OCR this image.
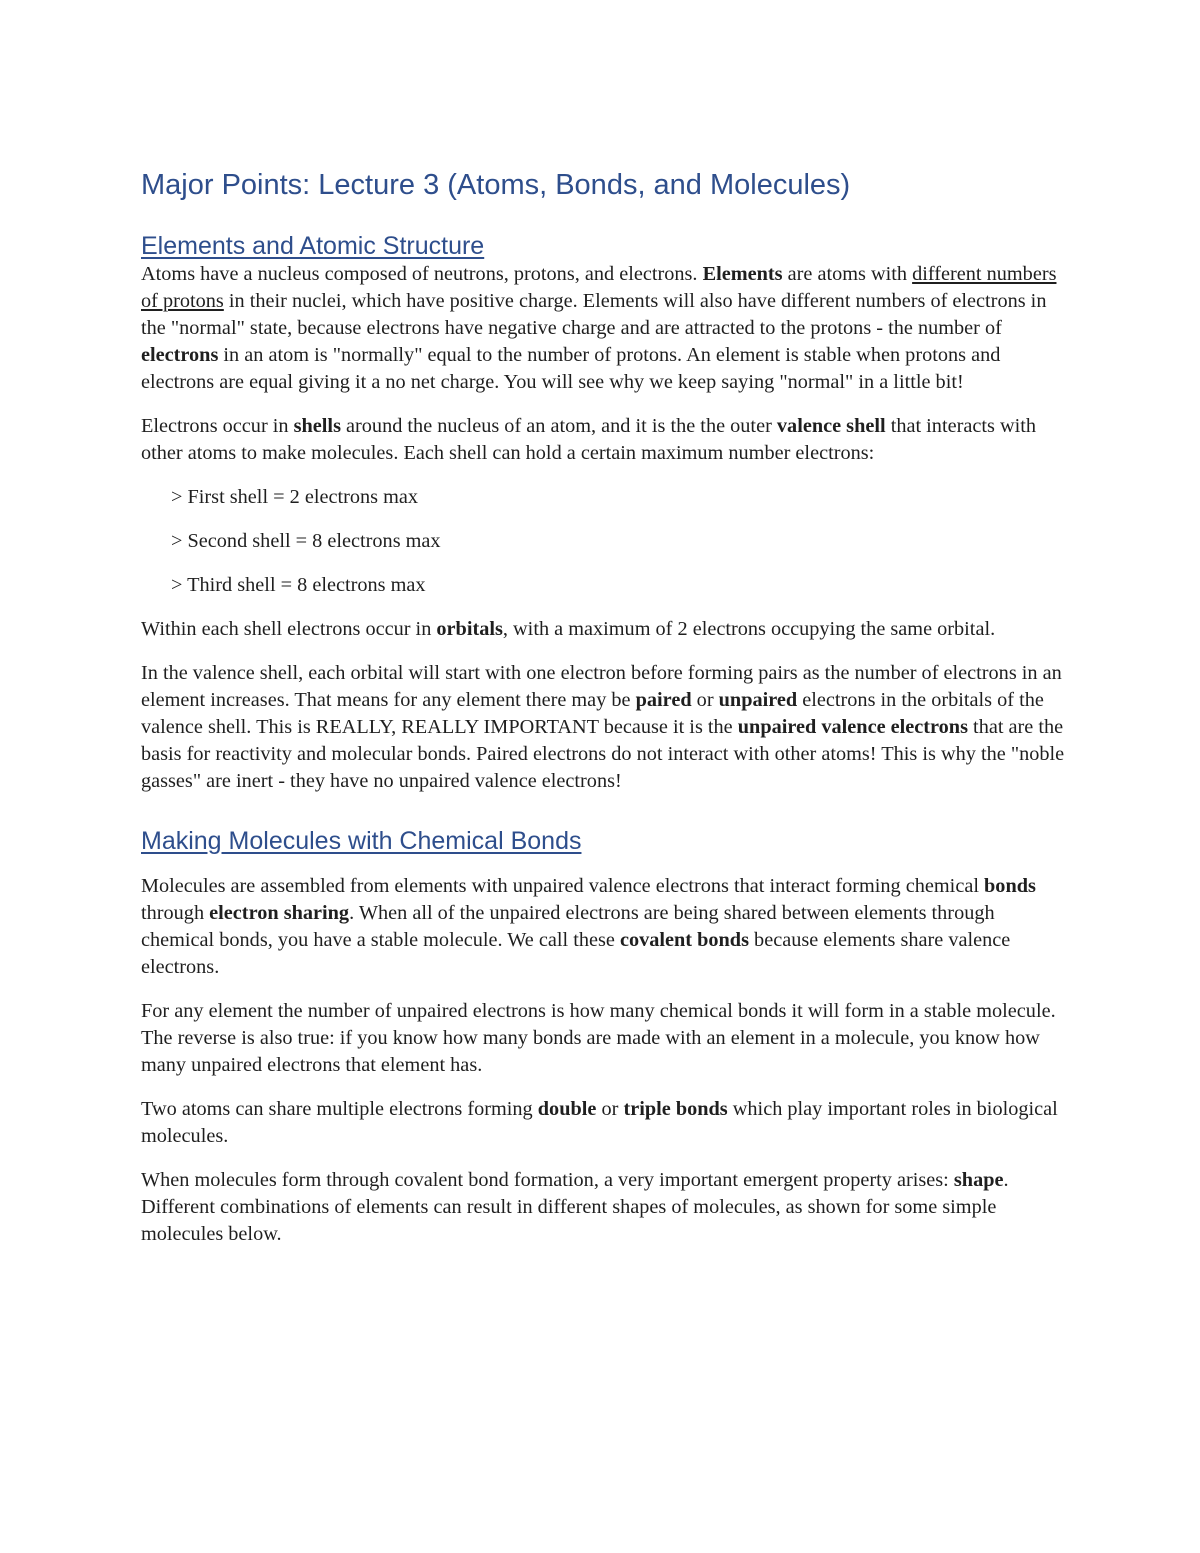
Major Points: Lecture 3 (Atoms, Bonds, and Molecules)
Elements and Atomic Structure

Atoms have a nucleus composed of neutrons, protons, and electrons. Elements are atoms with different numbers of protons in their nuclei, which have positive charge. Elements will also have different numbers of electrons in the "normal" state, because electrons have negative charge and are attracted to the protons - the number of electrons in an atom is "normally" equal to the number of protons. An element is stable when protons and electrons are equal giving it a no net charge. You will see why we keep saying "normal" in a little bit!

Electrons occur in shells around the nucleus of an atom, and it is the the outer valence shell that interacts with other atoms to make molecules. Each shell can hold a certain maximum number electrons:

> First shell = 2 electrons max

> Second shell = 8 electrons max

> Third shell = 8 electrons max

Within each shell electrons occur in orbitals, with a maximum of 2 electrons occupying the same orbital.

In the valence shell, each orbital will start with one electron before forming pairs as the number of electrons in an element increases. That means for any element there may be paired or unpaired electrons in the orbitals of the valence shell. This is REALLY, REALLY IMPORTANT because it is the unpaired valence electrons that are the basis for reactivity and molecular bonds. Paired electrons do not interact with other atoms! This is why the "noble gasses" are inert - they have no unpaired valence electrons!

Making Molecules with Chemical Bonds

Molecules are assembled from elements with unpaired valence electrons that interact forming chemical bonds through electron sharing. When all of the unpaired electrons are being shared between elements through chemical bonds, you have a stable molecule. We call these covalent bonds because elements share valence electrons.

For any element the number of unpaired electrons is how many chemical bonds it will form in a stable molecule. The reverse is also true: if you know how many bonds are made with an element in a molecule, you know how many unpaired electrons that element has.

Two atoms can share multiple electrons forming double or triple bonds which play important roles in biological molecules.

When molecules form through covalent bond formation, a very important emergent property arises: shape. Different combinations of elements can result in different shapes of molecules, as shown for some simple molecules below.
